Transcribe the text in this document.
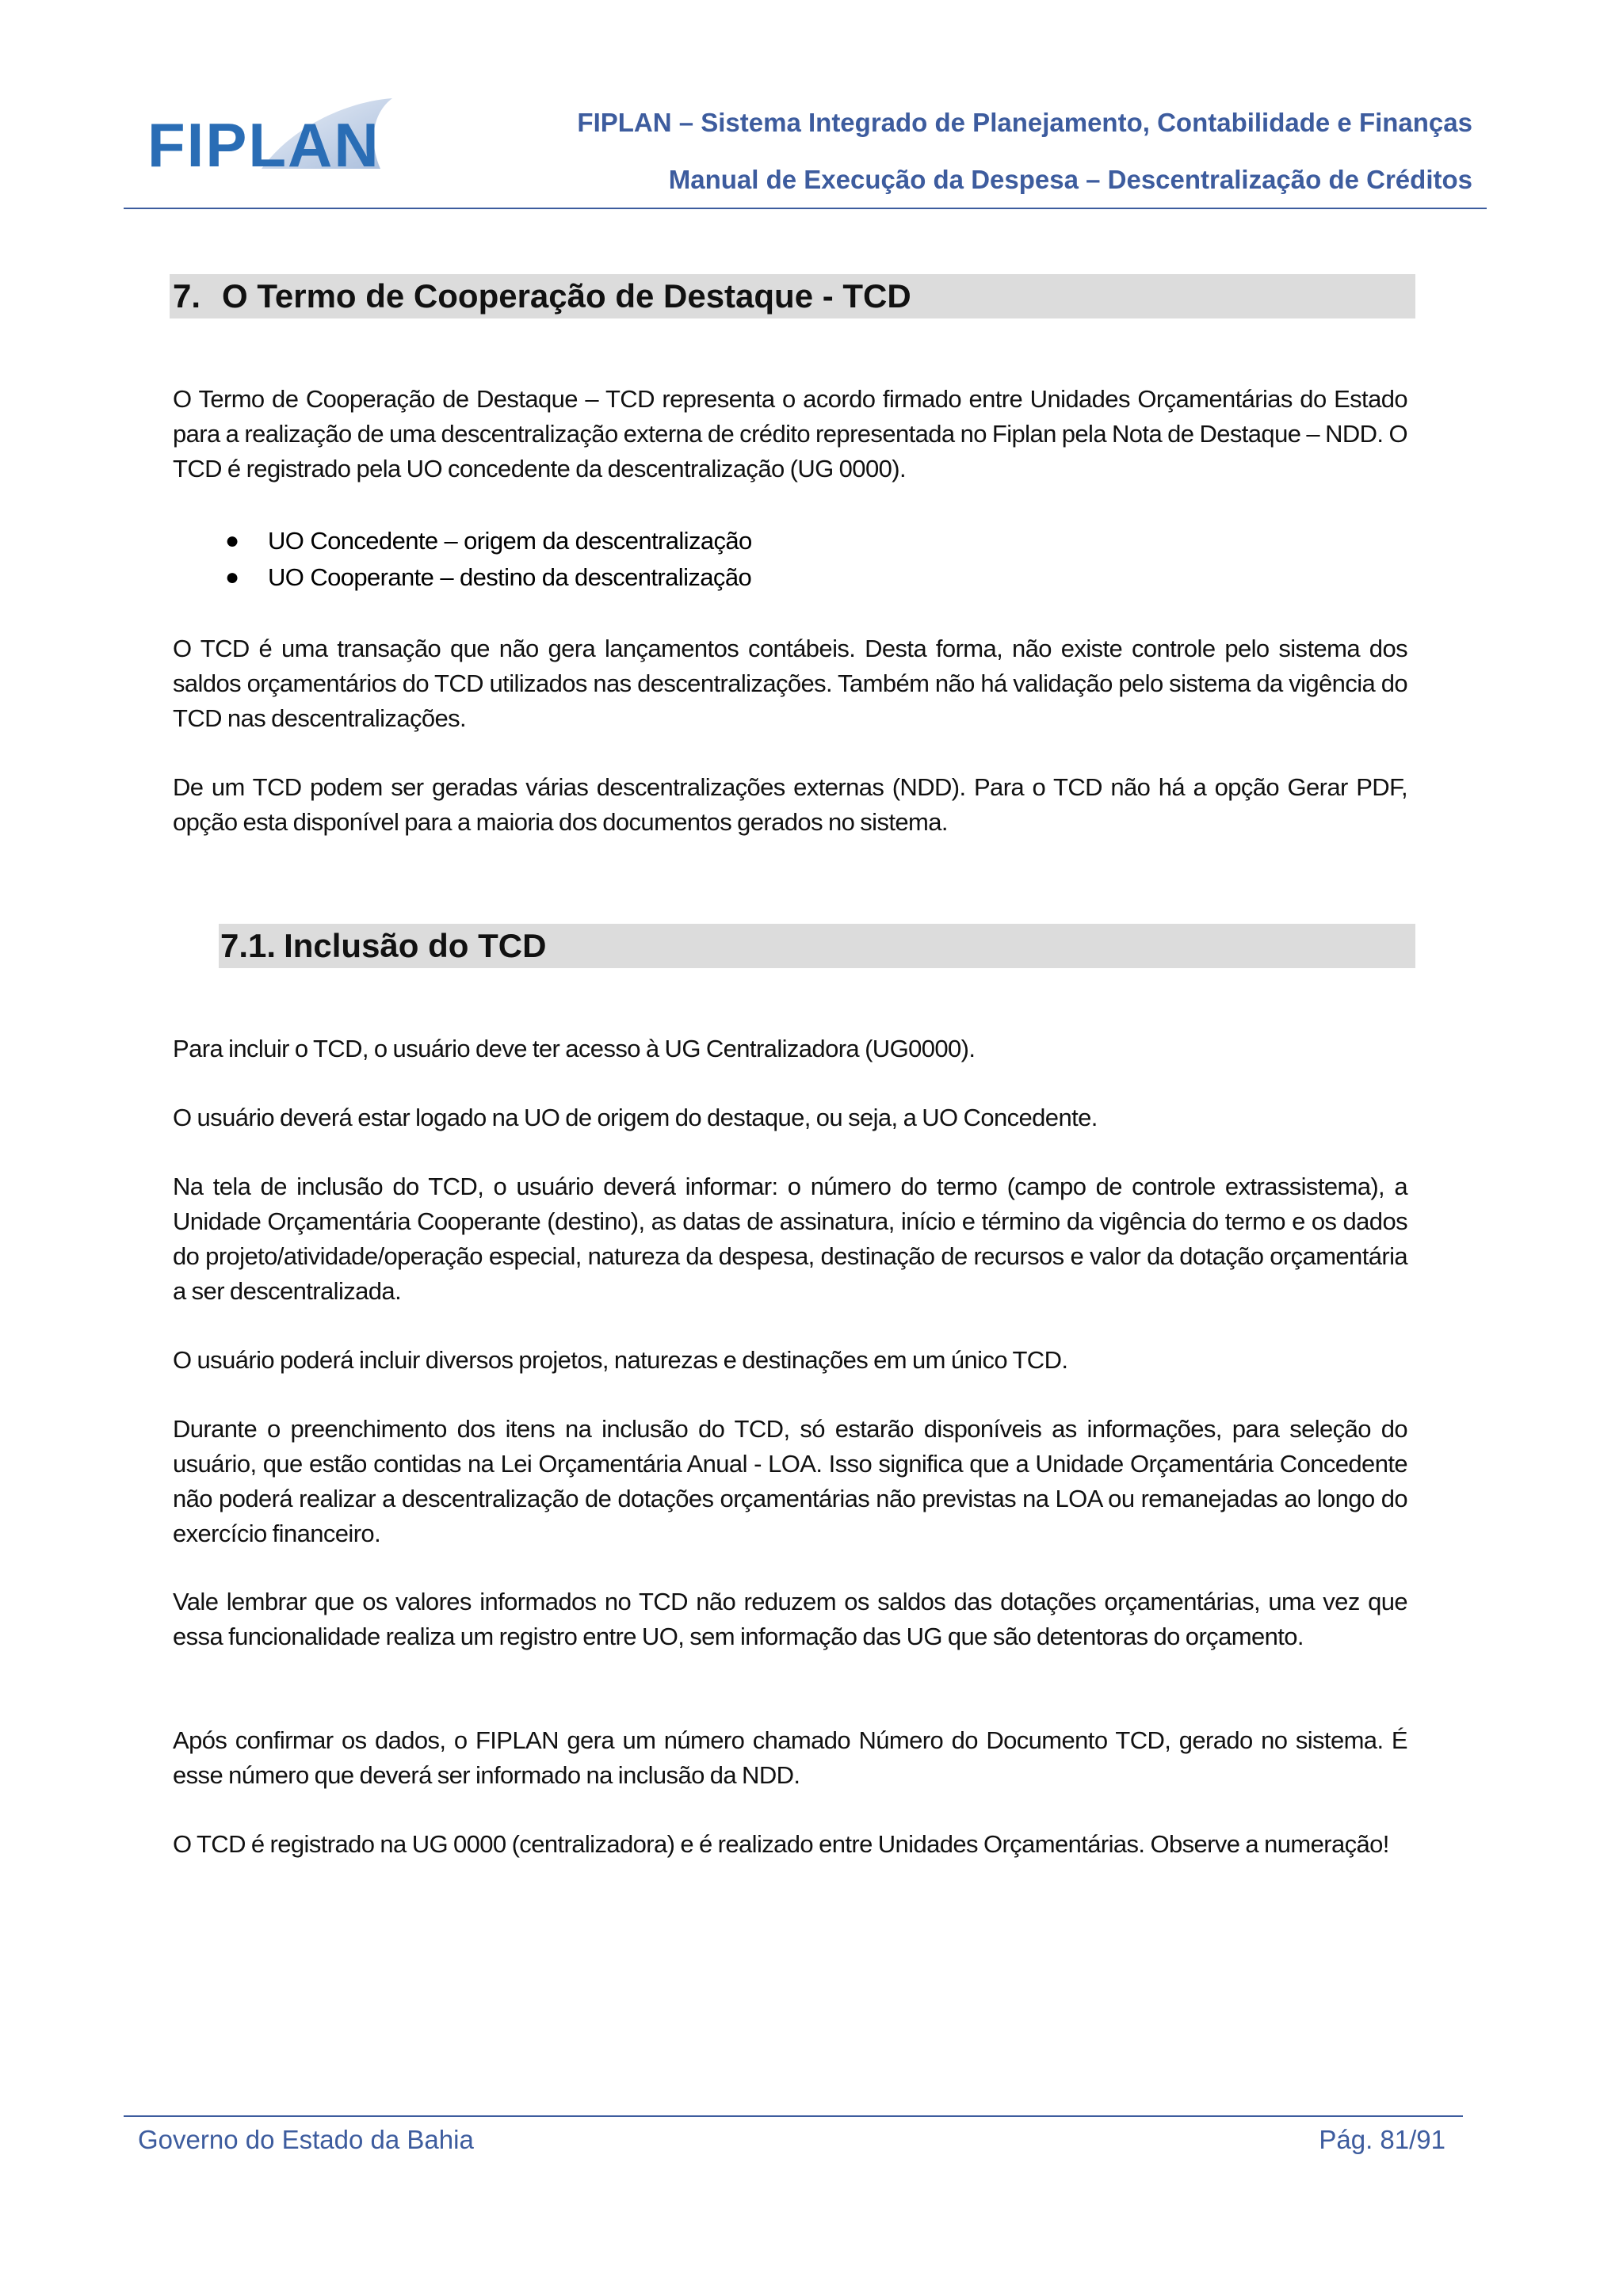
FIPLAN	FIPLAN – Sistema Integrado de Planejamento, Contabilidade e Finanças
Manual de Execução da Despesa – Descentralização de Créditos
7. O Termo de Cooperação de Destaque - TCD
O Termo de Cooperação de Destaque – TCD representa o acordo firmado entre Unidades Orçamentárias do Estado para a realização de uma descentralização externa de crédito representada no Fiplan pela Nota de Destaque – NDD. O TCD é registrado pela UO concedente da descentralização (UG 0000).
● UO Concedente – origem da descentralização
● UO Cooperante – destino da descentralização
O TCD é uma transação que não gera lançamentos contábeis. Desta forma, não existe controle pelo sistema dos saldos orçamentários do TCD utilizados nas descentralizações. Também não há validação pelo sistema da vigência do TCD nas descentralizações.
De um TCD podem ser geradas várias descentralizações externas (NDD). Para o TCD não há a opção Gerar PDF, opção esta disponível para a maioria dos documentos gerados no sistema.
7.1. Inclusão do TCD
Para incluir o TCD, o usuário deve ter acesso à UG Centralizadora (UG0000).
O usuário deverá estar logado na UO de origem do destaque, ou seja, a UO Concedente.
Na tela de inclusão do TCD, o usuário deverá informar: o número do termo (campo de controle extrassistema), a Unidade Orçamentária Cooperante (destino), as datas de assinatura, início e término da vigência do termo e os dados do projeto/atividade/operação especial, natureza da despesa, destinação de recursos e valor da dotação orçamentária a ser descentralizada.
O usuário poderá incluir diversos projetos, naturezas e destinações em um único TCD.
Durante o preenchimento dos itens na inclusão do TCD, só estarão disponíveis as informações, para seleção do usuário, que estão contidas na Lei Orçamentária Anual - LOA. Isso significa que a Unidade Orçamentária Concedente não poderá realizar a descentralização de dotações orçamentárias não previstas na LOA ou remanejadas ao longo do exercício financeiro.
Vale lembrar que os valores informados no TCD não reduzem os saldos das dotações orçamentárias, uma vez que essa funcionalidade realiza um registro entre UO, sem informação das UG que são detentoras do orçamento.
Após confirmar os dados, o FIPLAN gera um número chamado Número do Documento TCD, gerado no sistema. É esse número que deverá ser informado na inclusão da NDD.
O TCD é registrado na UG 0000 (centralizadora) e é realizado entre Unidades Orçamentárias. Observe a numeração!
Governo do Estado da Bahia	Pág. 81/91
